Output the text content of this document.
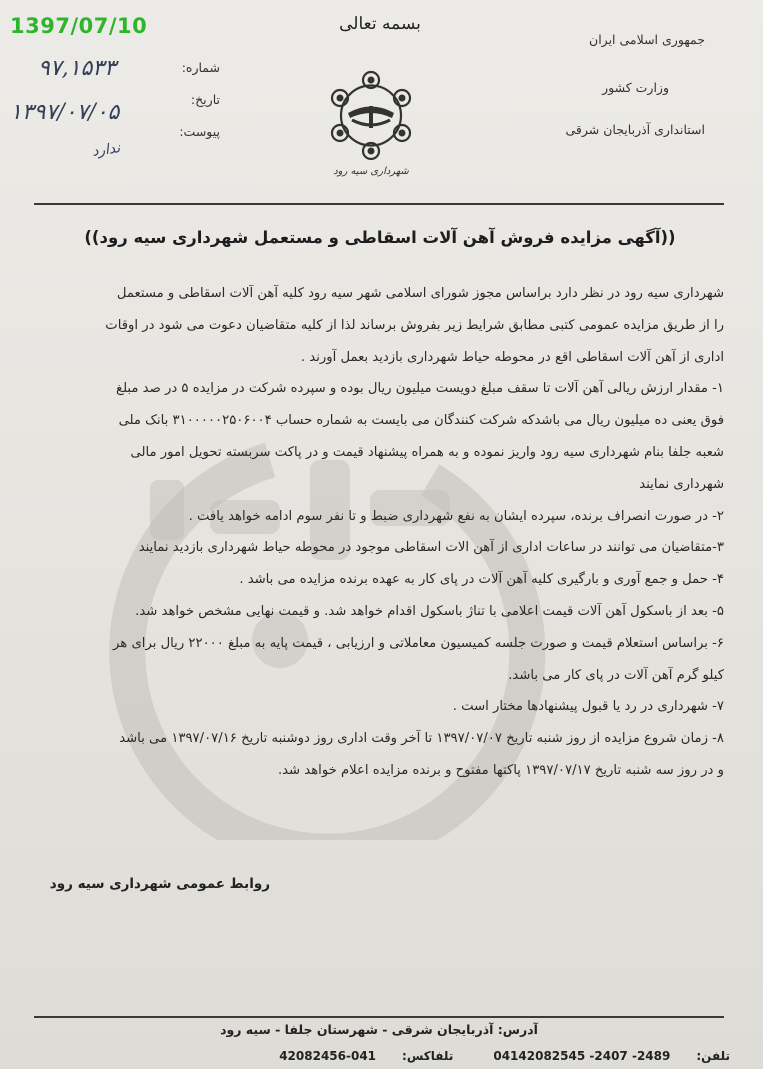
1397/07/10	بسمه تعالی
جمهوری اسلامی ایران
وزارت کشور
استانداری آذربایجان شرقی
شماره:
تاریخ:
پیوست:
۹۷,۱۵۳۳
۱۳۹۷/۰۷/۰۵
ندارد
شهرداری سیه رود
((آگهی مزایده فروش آهن آلات اسقاطی و مستعمل شهرداری سیه رود))
شهرداری سیه رود در نظر دارد براساس مجوز شورای اسلامی شهر سیه رود کلیه آهن آلات اسقاطی و مستعمل
را از طریق مزایده عمومی کتبی مطابق شرایط زیر بفروش برساند لذا از کلیه متقاضیان دعوت می شود در اوقات
اداری از آهن آلات اسقاطی اقع در محوطه حیاط شهرداری بازدید بعمل آورند .
۱- مقدار ارزش ریالی آهن آلات تا سقف مبلغ دویست میلیون ریال بوده و سپرده شرکت در مزایده ۵ در صد مبلغ
فوق یعنی ده میلیون ریال می باشدکه شرکت کنندگان می بایست به شماره حساب ۳۱۰۰۰۰۰۲۵۰۶۰۰۴ بانک ملی
شعبه جلفا بنام شهرداری سیه رود واریز نموده و به همراه پیشنهاد قیمت و در پاکت سربسته تحویل امور مالی
شهرداری نمایند
۲- در صورت انصراف برنده، سپرده ایشان به نفع شهرداری ضبط و تا نفر سوم ادامه خواهد یافت .
۳-متقاضیان می توانند در ساعات اداری از آهن الات اسقاطی موجود در محوطه حیاط شهرداری بازدید نمایند
۴- حمل و جمع آوری و بارگیری کلیه آهن آلات در پای کار به عهده برنده مزایده می باشد .
۵- بعد از باسکول آهن آلات قیمت اعلامی با تناژ باسکول اقدام خواهد شد. و قیمت نهایی مشخص خواهد شد.
۶- براساس استعلام قیمت و صورت جلسه کمیسیون معاملاتی و ارزیابی ، قیمت پایه به مبلغ ۲۲۰۰۰ ریال برای هر
کیلو گرم آهن آلات در پای کار می باشد.
۷- شهرداری در رد یا قبول پیشنهادها مختار است .
۸- زمان شروع مزایده از روز شنبه تاریخ ۱۳۹۷/۰۷/۰۷ تا آخر وقت اداری روز دوشنبه تاریخ ۱۳۹۷/۰۷/۱۶ می باشد
و در روز سه شنبه تاریخ ۱۳۹۷/۰۷/۱۷ پاکتها مفتوح و برنده مزایده اعلام خواهد شد.
روابط عمومی شهرداری سیه رود
آدرس: آذربایجان شرقی - شهرستان جلفا - سیه رود
تلفن:2489- 2407- 04142082545تلفاکس:041-42082456
